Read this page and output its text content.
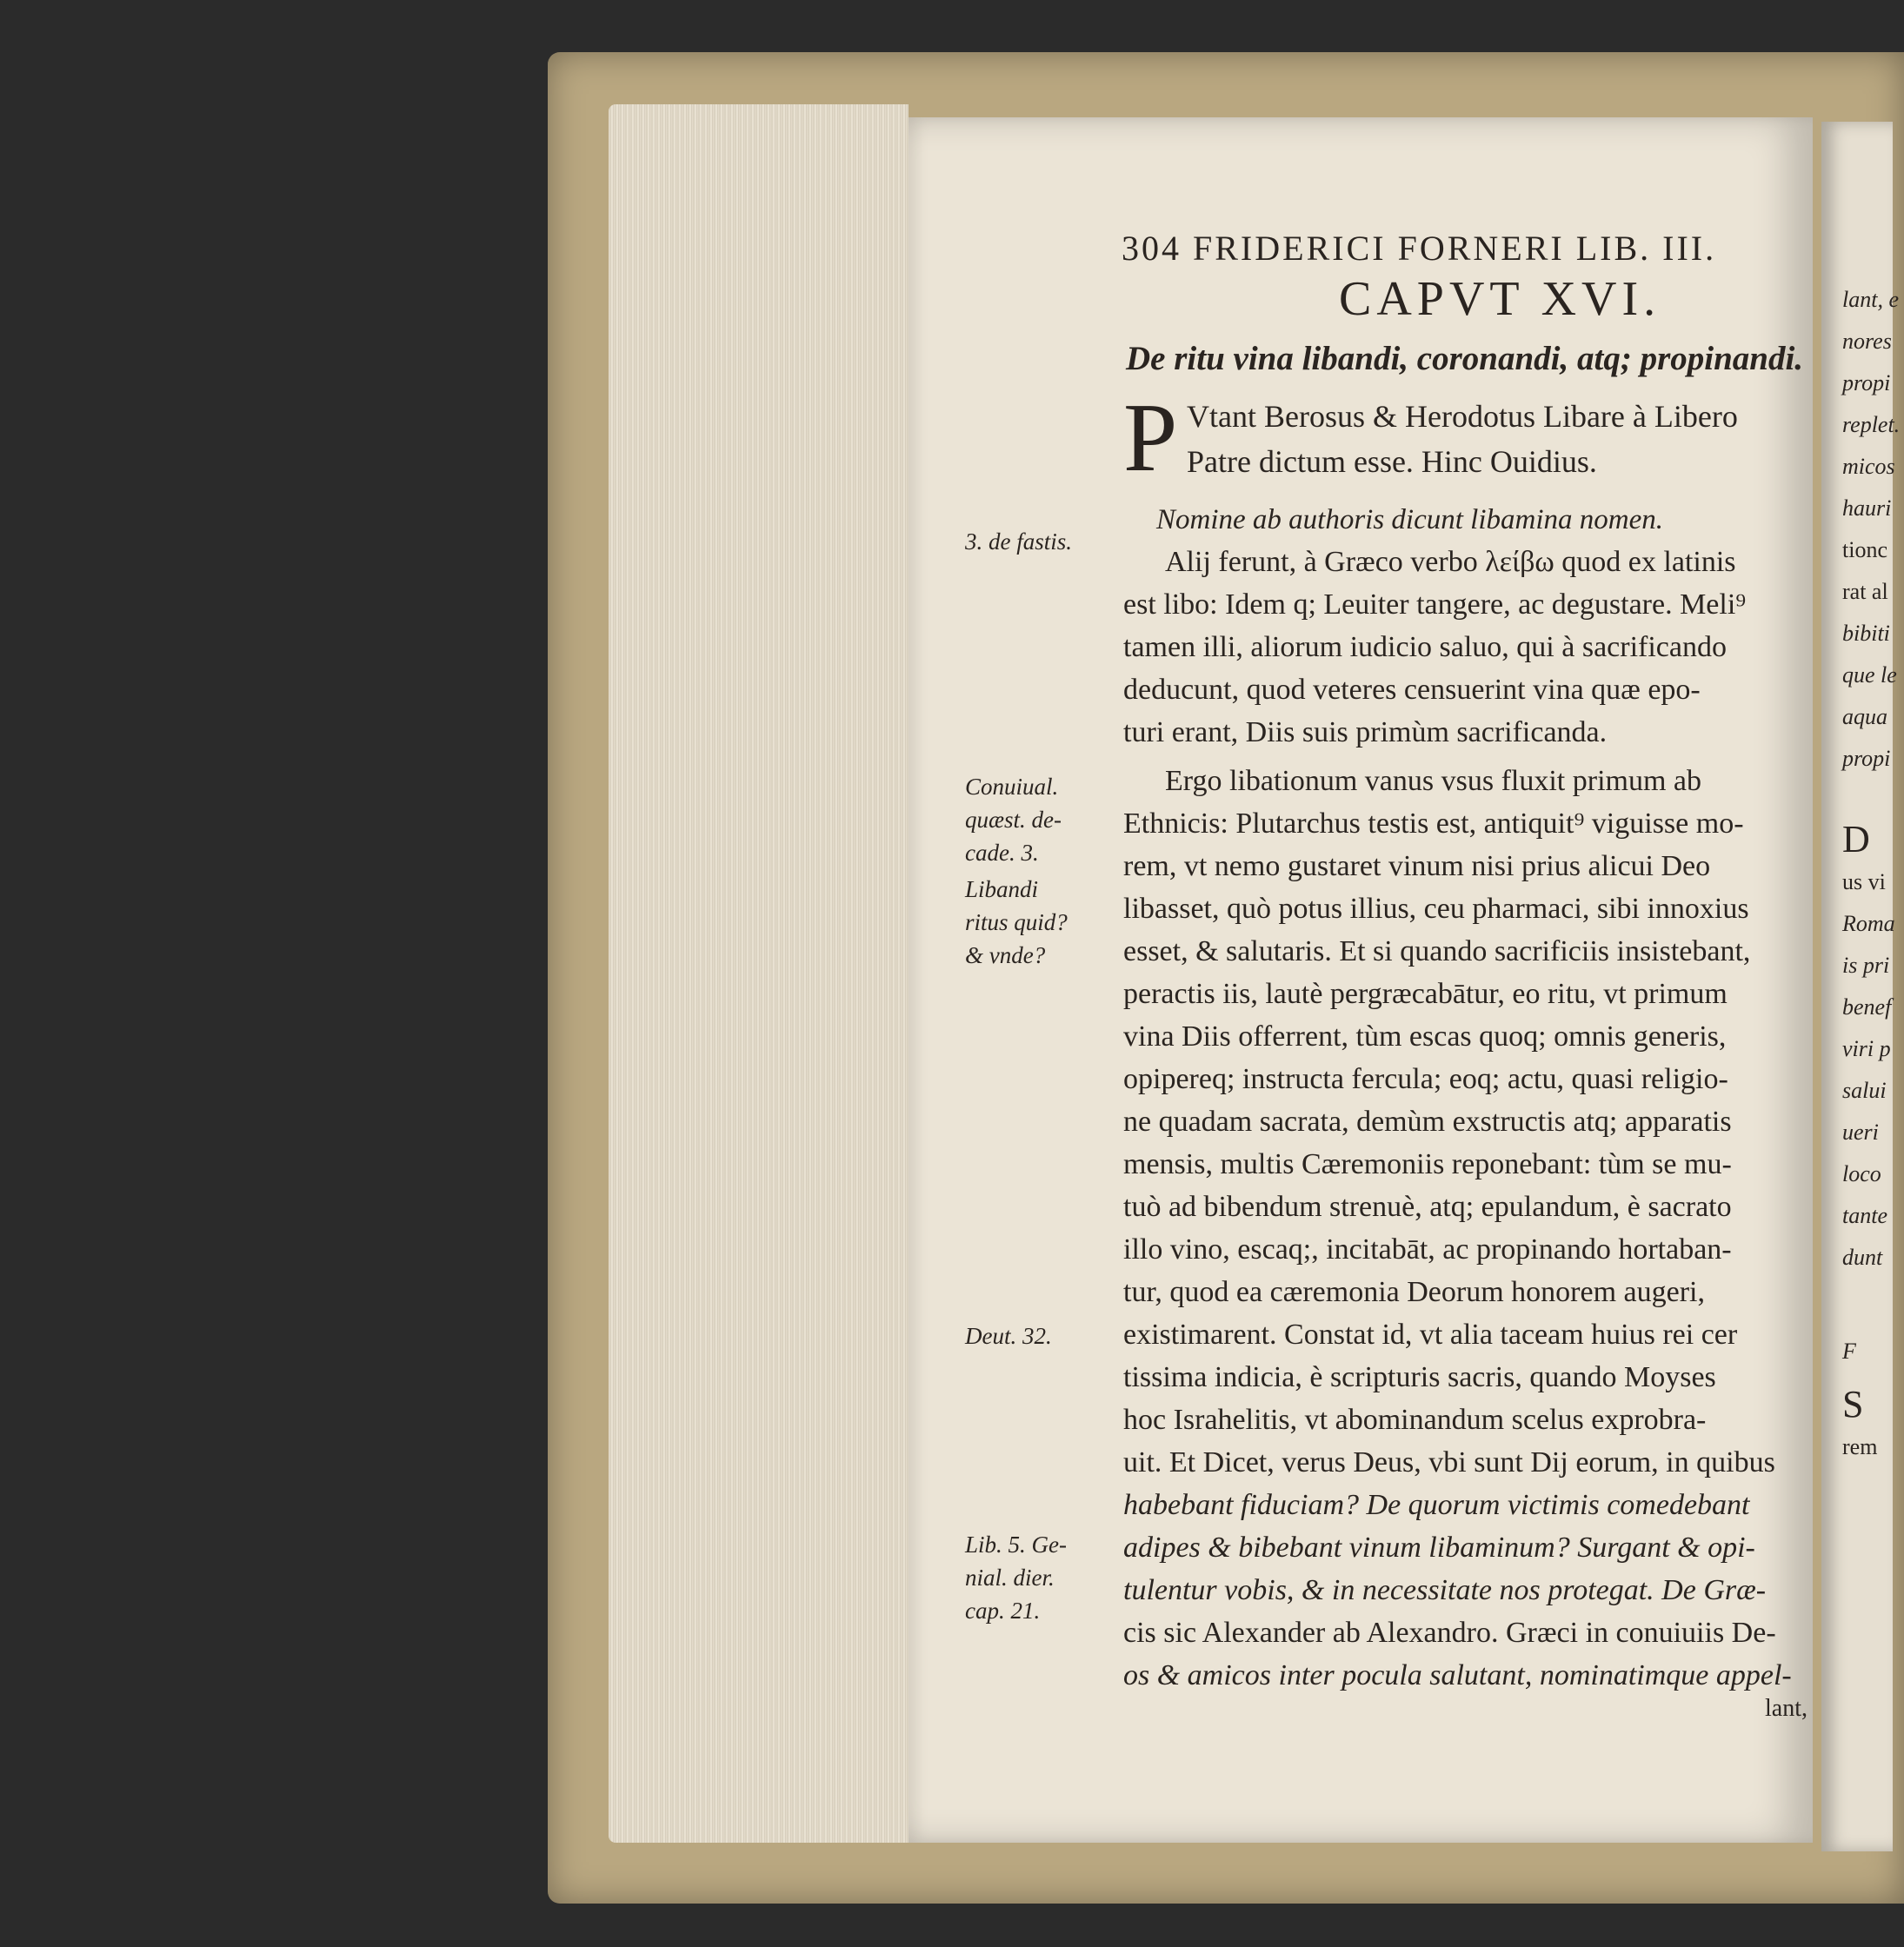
lant, e
nores
propi
replet.
micos
hauri
tionc
rat al
bibiti
que le
aqua
propi
D
us vi
Roma
is pri
benef
viri p
salui
ueri
loco
tante
dunt
F
S
rem
304 FRIDERICI FORNERI LIB. III.
CAPVT XVI.
De ritu vina libandi, coronandi, atq; propinandi.
P Vtant Berosus & Herodotus Libare à Libero
Patre dictum esse. Hinc Ouidius.
Nomine ab authoris dicunt libamina nomen.
Alij ferunt, à Græco verbo λείβω quod ex latinis
est libo: Idem q; Leuiter tangere, ac degustare. Meli⁹
tamen illi, aliorum iudicio saluo, qui à sacrificando
deducunt, quod veteres censuerint vina quæ epo-
turi erant, Diis suis primùm sacrificanda.
Ergo libationum vanus vsus fluxit primum ab
Ethnicis: Plutarchus testis est, antiquit⁹ viguisse mo-
rem, vt nemo gustaret vinum nisi prius alicui Deo
libasset, quò potus illius, ceu pharmaci, sibi innoxius
esset, & salutaris. Et si quando sacrificiis insistebant,
peractis iis, lautè pergræcabātur, eo ritu, vt primum
vina Diis offerrent, tùm escas quoq; omnis generis,
opipereq; instructa fercula; eoq; actu, quasi religio-
ne quadam sacrata, demùm exstructis atq; apparatis
mensis, multis Cæremoniis reponebant: tùm se mu-
tuò ad bibendum strenuè, atq; epulandum, è sacrato
illo vino, escaq;, incitabāt, ac propinando hortaban-
tur, quod ea cæremonia Deorum honorem augeri,
existimarent. Constat id, vt alia taceam huius rei cer
tissima indicia, è scripturis sacris, quando Moyses
hoc Israhelitis, vt abominandum scelus exprobra-
uit. Et Dicet, verus Deus, vbi sunt Dij eorum, in quibus
habebant fiduciam? De quorum victimis comedebant
adipes & bibebant vinum libaminum? Surgant & opi-
tulentur vobis, & in necessitate nos protegat. De Græ-
cis sic Alexander ab Alexandro. Græci in conuiuiis De-
os & amicos inter pocula salutant, nominatimque appel-
lant,
3. de fastis.
Conuiual.
quæst. de-
cade. 3.
Libandi
ritus quid?
& vnde?
Deut. 32.
Lib. 5. Ge-
nial. dier.
cap. 21.
